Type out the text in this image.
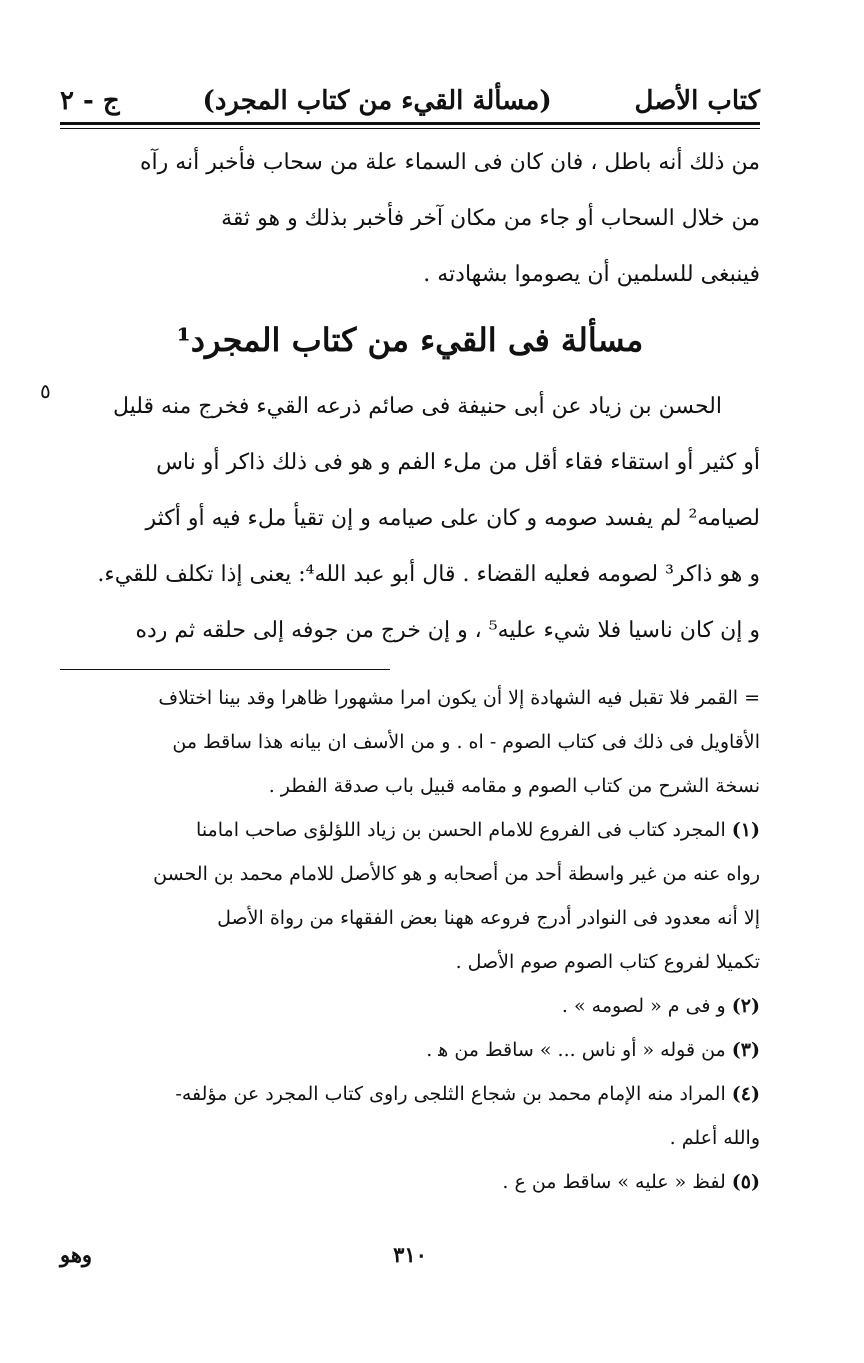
كتاب الأصل
(مسألة القيء من كتاب المجرد)
ج - ٢

من ذلك أنه باطل ، فان كان فى السماء علة من سحاب فأخبر أنه رآه

من خلال السحاب أو جاء من مكان آخر فأخبر بذلك و هو ثقة

فينبغى للسلمين أن يصوموا بشهادته .

مسألة فى القيء من كتاب المجرد¹
٥

الحسن بن زياد عن أبى حنيفة فى صائم ذرعه القيء فخرج منه قليل

أو كثير أو استقاء فقاء أقل من ملء الفم و هو فى ذلك ذاكر أو ناس

لصيامه² لم يفسد صومه و كان على صيامه و إن تقيأ ملء فيه أو أكثر

و هو ذاكر³ لصومه فعليه القضاء . قال أبو عبد الله⁴: يعنى إذا تكلف للقيء.

و إن كان ناسيا فلا شيء عليه⁵ ، و إن خرج من جوفه إلى حلقه ثم رده

= القمر فلا تقبل فيه الشهادة إلا أن يكون امرا مشهورا ظاهرا وقد بينا اختلاف

الأقاويل فى ذلك فى كتاب الصوم - اه . و من الأسف ان بيانه هذا ساقط من

نسخة الشرح من كتاب الصوم و مقامه قبيل باب صدقة الفطر .

(١) المجرد كتاب فى الفروع للامام الحسن بن زياد اللؤلؤى صاحب امامنا

رواه عنه من غير واسطة أحد من أصحابه و هو كالأصل للامام محمد بن الحسن

إلا أنه معدود فى النوادر أدرج فروعه ههنا بعض الفقهاء من رواة الأصل

تكميلا لفروع كتاب الصوم صوم الأصل .

(٢) و فى م « لصومه » .

(٣) من قوله « أو ناس ... » ساقط من ﻫ .

(٤) المراد منه الإمام محمد بن شجاع الثلجى راوى كتاب المجرد عن مؤلفه-

والله أعلم .

(٥) لفظ « عليه » ساقط من ع .

٣١٠
وهو
